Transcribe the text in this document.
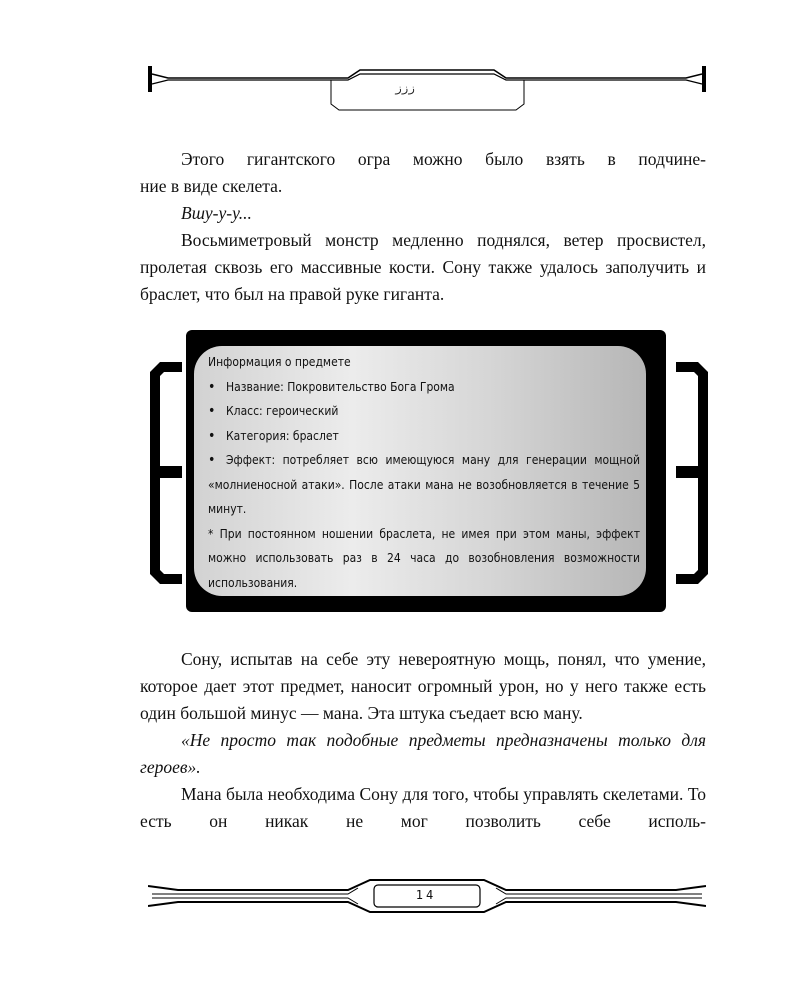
ززز

Этого гигантского огра можно было взять в подчине-

ние в виде скелета.

Вшу-у-у...

Восьмиметровый монстр медленно поднялся, ветер просвистел, пролетая сквозь его массивные кости. Сону также удалось заполучить и браслет, что был на правой руке гиганта.

Информация о предмете

• Название: Покровительство Бога Грома

• Класс: героический

• Категория: браслет

• Эффект: потребляет всю имеющуюся ману для генерации мощной «молниеносной атаки». После атаки мана не возобновляется в течение 5 минут.

* При постоянном ношении браслета, не имея при этом маны, эффект можно использовать раз в 24 часа до возобновления возможности использования.

Сону, испытав на себе эту невероятную мощь, понял, что умение, которое дает этот предмет, наносит огромный урон, но у него также есть один большой минус — мана. Эта штука съедает всю ману.

«Не просто так подобные предметы предназначены только для героев».

Мана была необходима Сону для того, чтобы управлять скелетами. То есть он никак не мог позволить себе исполь-

14
